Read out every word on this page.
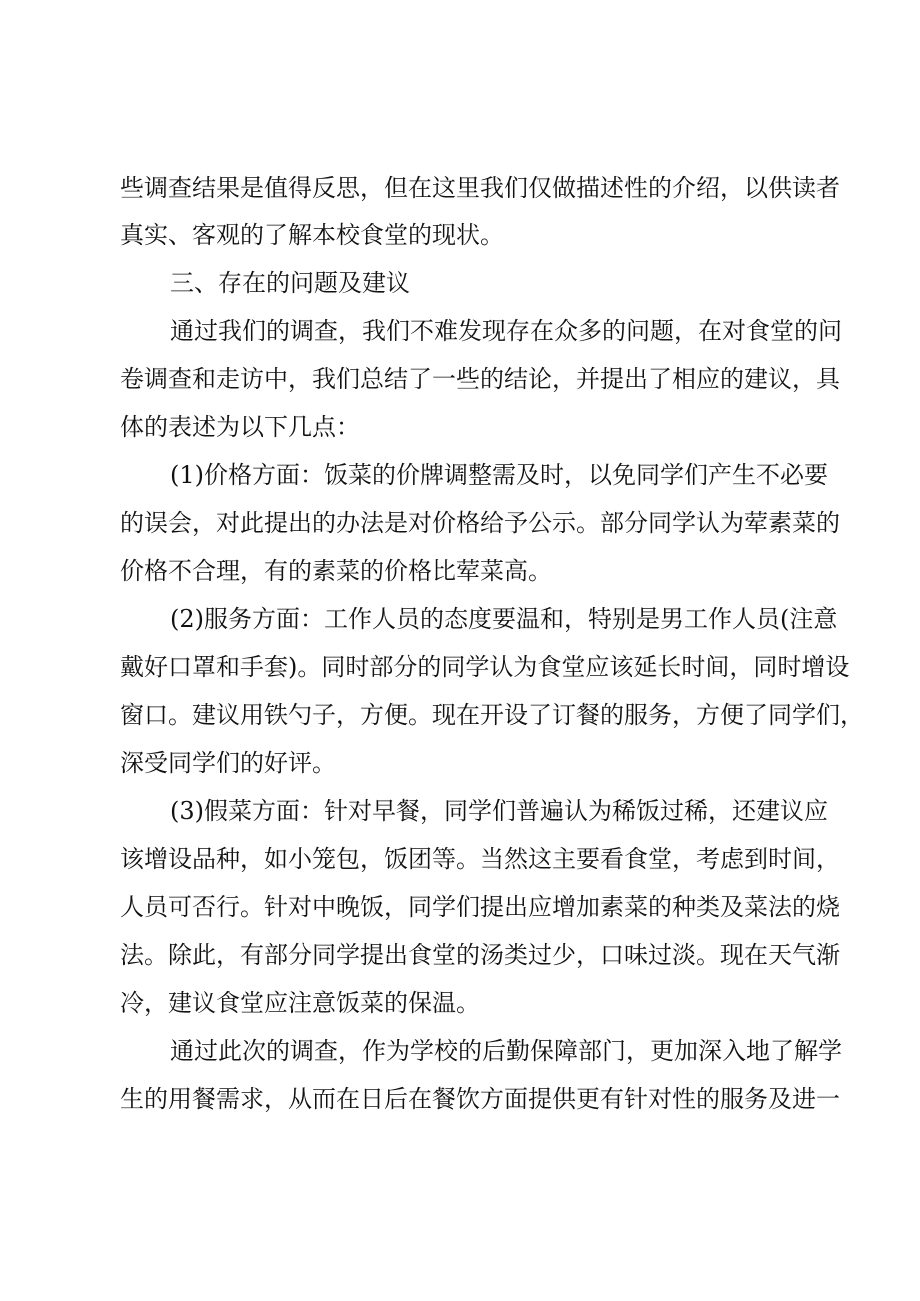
些调查结果是值得反思，但在这里我们仅做描述性的介绍，以供读者
真实、客观的了解本校食堂的现状。
三、存在的问题及建议
通过我们的调查，我们不难发现存在众多的问题，在对食堂的问
卷调查和走访中，我们总结了一些的结论，并提出了相应的建议，具
体的表述为以下几点：
(1)价格方面：饭菜的价牌调整需及时，以免同学们产生不必要
的误会，对此提出的办法是对价格给予公示。部分同学认为荤素菜的
价格不合理，有的素菜的价格比荤菜高。
(2)服务方面：工作人员的态度要温和，特别是男工作人员(注意
戴好口罩和手套)。同时部分的同学认为食堂应该延长时间，同时增设
窗口。建议用铁勺子，方便。现在开设了订餐的服务，方便了同学们，
深受同学们的好评。
(3)假菜方面：针对早餐，同学们普遍认为稀饭过稀，还建议应
该增设品种，如小笼包，饭团等。当然这主要看食堂，考虑到时间，
人员可否行。针对中晚饭，同学们提出应增加素菜的种类及菜法的烧
法。除此，有部分同学提出食堂的汤类过少，口味过淡。现在天气渐
冷，建议食堂应注意饭菜的保温。
通过此次的调查，作为学校的后勤保障部门，更加深入地了解学
生的用餐需求，从而在日后在餐饮方面提供更有针对性的服务及进一
